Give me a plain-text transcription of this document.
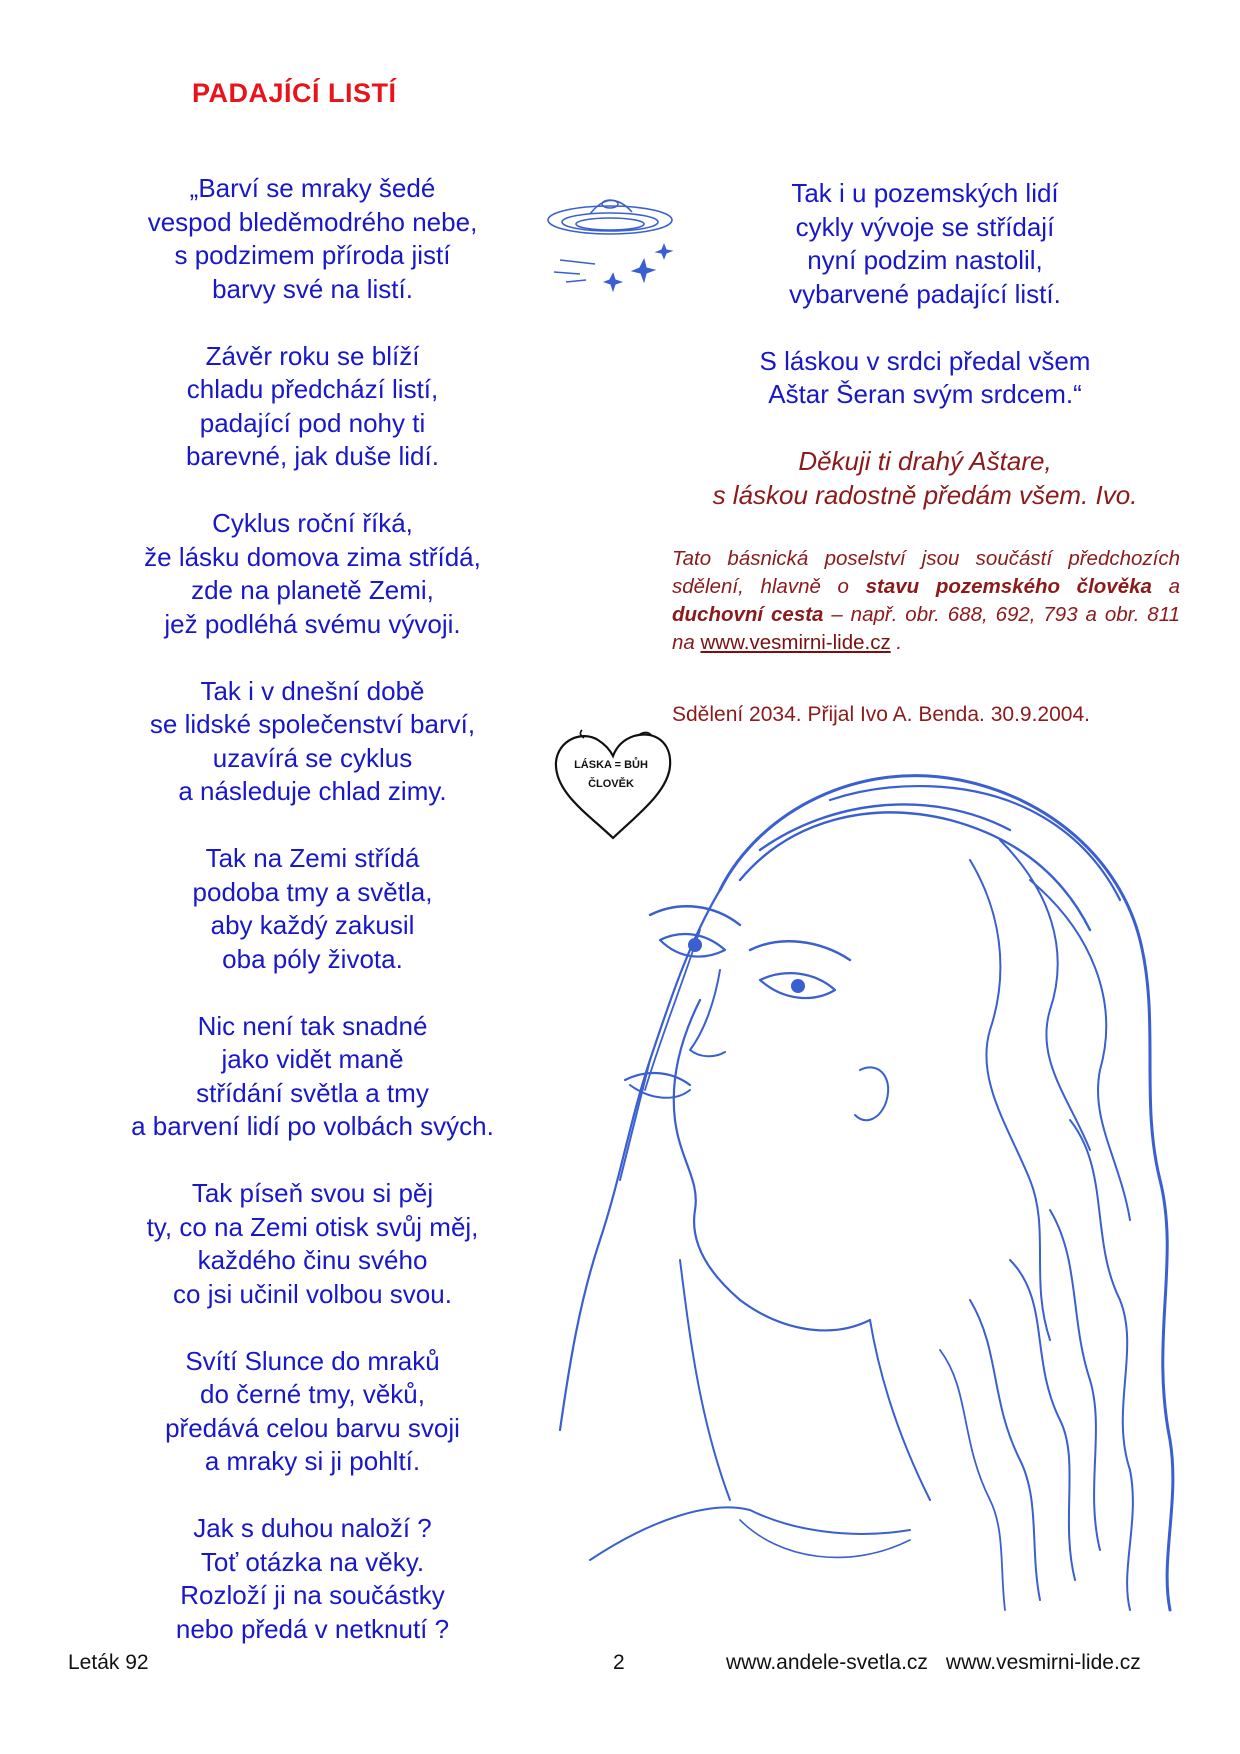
PADAJÍCÍ LISTÍ
„Barví se mraky šedé
vespod bleděmodrého nebe,
s podzimem příroda jistí
barvy své na listí.
Závěr roku se blíží
chladu předchází listí,
padající pod nohy ti
barevné, jak duše lidí.
Cyklus roční říká,
že lásku domova zima střídá,
zde na planetě Zemi,
jež podléhá svému vývoji.
Tak i v dnešní době
se lidské společenství barví,
uzavírá se cyklus
a následuje chlad zimy.
Tak na Zemi střídá
podoba tmy a světla,
aby každý zakusil
oba póly života.
Nic není tak snadné
jako vidět maně
střídání světla a tmy
a barvení lidí po volbách svých.
Tak píseň svou si pěj
ty, co na Zemi otisk svůj měj,
každého činu svého
co jsi učinil volbou svou.
Svítí Slunce do mraků
do černé tmy, věků,
předává celou barvu svoji
a mraky si ji pohltí.
Jak s duhou naloží ?
Toť otázka na věky.
Rozloží ji na součástky
nebo předá v netknutí ?
Tak i u pozemských lidí
cykly vývoje se střídají
nyní podzim nastolil,
vybarvené padající listí.
S láskou v srdci předal všem
Aštar Šeran svým srdcem.“
Děkuji ti drahý Aštare,
s láskou radostně předám všem. Ivo.

Tato básnická poselství jsou součástí předchozích sdělení, hlavně o stavu pozemského člověka a duchovní cesta – např. obr. 688, 692, 793 a obr. 811 na www.vesmirni-lide.cz .

Sdělení 2034. Přijal Ivo A. Benda. 30.9.2004.
LÁSKA = BŮH
ČLOVĚK
Leták 92	2	www.andele-svetla.cz www.vesmirni-lide.cz
